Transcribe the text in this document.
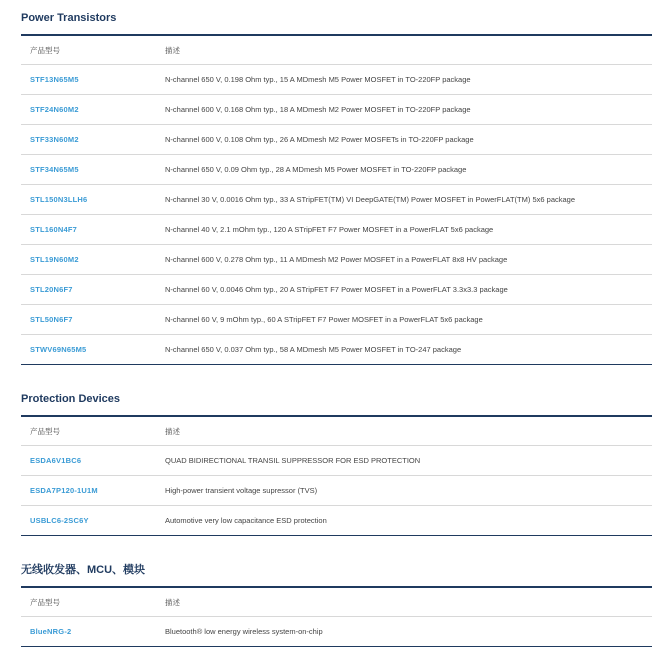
Power Transistors
产品型号	描述
STF13N65M5	N-channel 650 V, 0.198 Ohm typ., 15 A MDmesh M5 Power MOSFET in TO-220FP package
STF24N60M2	N-channel 600 V, 0.168 Ohm typ., 18 A MDmesh M2 Power MOSFET in TO-220FP package
STF33N60M2	N-channel 600 V, 0.108 Ohm typ., 26 A MDmesh M2 Power MOSFETs in TO-220FP package
STF34N65M5	N-channel 650 V, 0.09 Ohm typ., 28 A MDmesh M5 Power MOSFET in TO-220FP package
STL150N3LLH6	N-channel 30 V, 0.0016 Ohm typ., 33 A STripFET(TM) VI DeepGATE(TM) Power MOSFET in PowerFLAT(TM) 5x6 package
STL160N4F7	N-channel 40 V, 2.1 mOhm typ., 120 A STripFET F7 Power MOSFET in a PowerFLAT 5x6 package
STL19N60M2	N-channel 600 V, 0.278 Ohm typ., 11 A MDmesh M2 Power MOSFET in a PowerFLAT 8x8 HV package
STL20N6F7	N-channel 60 V, 0.0046 Ohm typ., 20 A STripFET F7 Power MOSFET in a PowerFLAT 3.3x3.3 package
STL50N6F7	N-channel 60 V, 9 mOhm typ., 60 A STripFET F7 Power MOSFET in a PowerFLAT 5x6 package
STWV69N65M5	N-channel 650 V, 0.037 Ohm typ., 58 A MDmesh M5 Power MOSFET in TO-247 package
Protection Devices
产品型号	描述
ESDA6V1BC6	QUAD BIDIRECTIONAL TRANSIL SUPPRESSOR FOR ESD PROTECTION
ESDA7P120-1U1M	High-power transient voltage supressor (TVS)
USBLC6-2SC6Y	Automotive very low capacitance ESD protection
无线收发器、MCU、模块
产品型号	描述
BlueNRG-2	Bluetooth® low energy wireless system-on-chip
